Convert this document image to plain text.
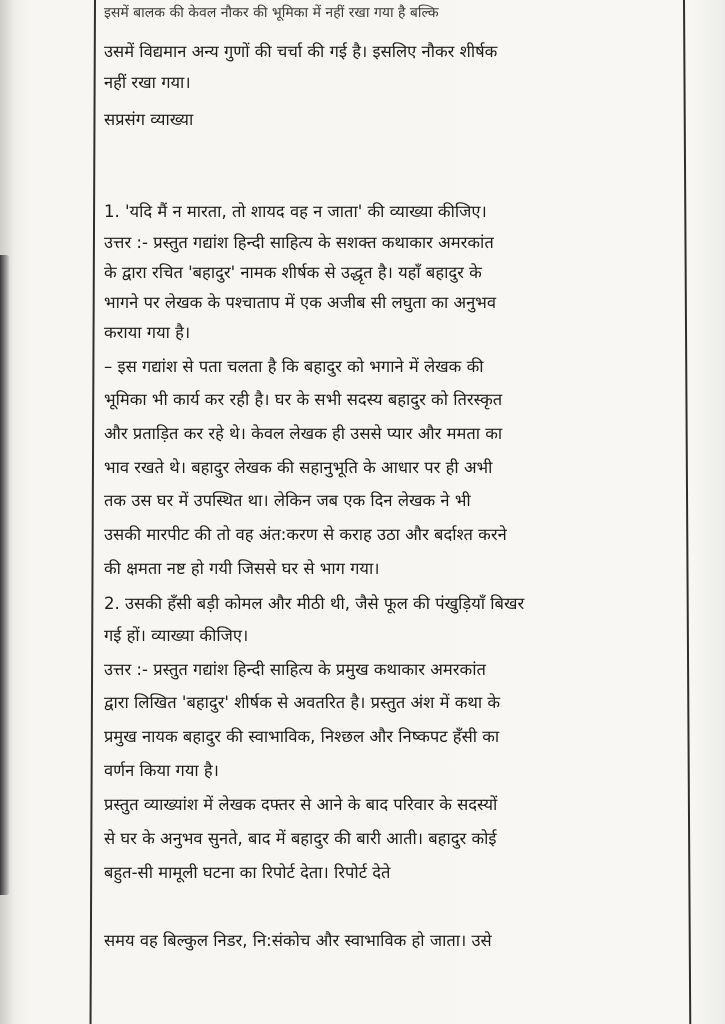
इसमें बालक की केवल नौकर की भूमिका में नहीं रखा गया है बल्कि

उसमें विद्यमान अन्य गुणों की चर्चा की गई है। इसलिए नौकर शीर्षक

नहीं रखा गया।

सप्रसंग व्याख्या

1. 'यदि मैं न मारता, तो शायद वह न जाता' की व्याख्या कीजिए।

उत्तर :- प्रस्तुत गद्यांश हिन्दी साहित्य के सशक्त कथाकार अमरकांत

के द्वारा रचित 'बहादुर' नामक शीर्षक से उद्धृत है। यहाँ बहादुर के

भागने पर लेखक के पश्चाताप में एक अजीब सी लघुता का अनुभव

कराया गया है।

– इस गद्यांश से पता चलता है कि बहादुर को भगाने में लेखक की

भूमिका भी कार्य कर रही है। घर के सभी सदस्य बहादुर को तिरस्कृत

और प्रताड़ित कर रहे थे। केवल लेखक ही उससे प्यार और ममता का

भाव रखते थे। बहादुर लेखक की सहानुभूति के आधार पर ही अभी

तक उस घर में उपस्थित था। लेकिन जब एक दिन लेखक ने भी

उसकी मारपीट की तो वह अंत:करण से कराह उठा और बर्दाश्त करने

की क्षमता नष्ट हो गयी जिससे घर से भाग गया।

2. उसकी हँसी बड़ी कोमल और मीठी थी, जैसे फूल की पंखुड़ियाँ बिखर

गई हों। व्याख्या कीजिए।

उत्तर :- प्रस्तुत गद्यांश हिन्दी साहित्य के प्रमुख कथाकार अमरकांत

द्वारा लिखित 'बहादुर' शीर्षक से अवतरित है। प्रस्तुत अंश में कथा के

प्रमुख नायक बहादुर की स्वाभाविक, निश्छल और निष्कपट हँसी का

वर्णन किया गया है।

प्रस्तुत व्याख्यांश में लेखक दफ्तर से आने के बाद परिवार के सदस्यों

से घर के अनुभव सुनते, बाद में बहादुर की बारी आती। बहादुर कोई

बहुत-सी मामूली घटना का रिपोर्ट देता। रिपोर्ट देते

समय वह बिल्कुल निडर, नि:संकोच और स्वाभाविक हो जाता। उसे
